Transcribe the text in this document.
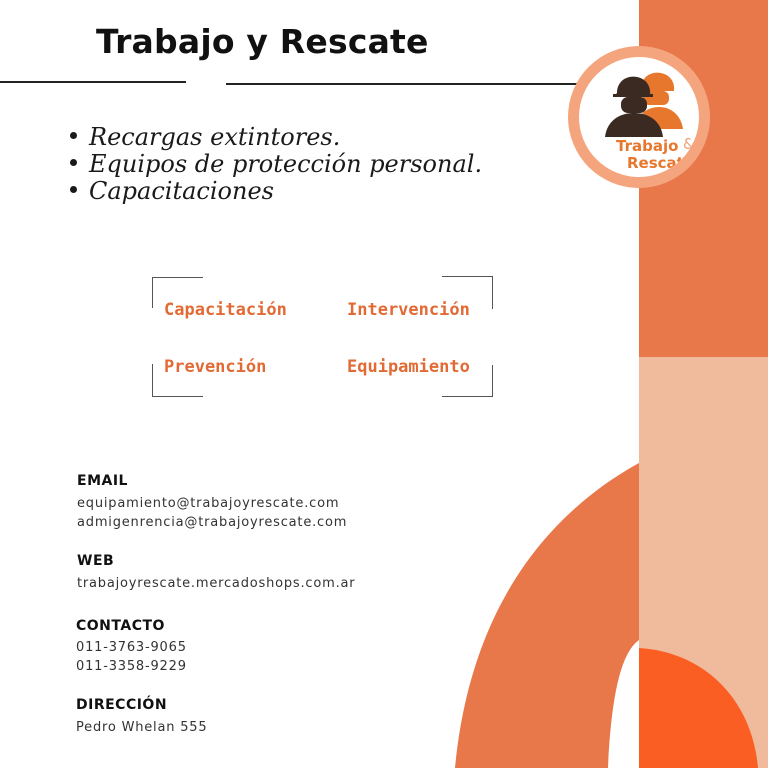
Trabajo y Rescate
Trabajo &
Rescate
Recargas extintores.
Equipos de protección personal.
Capacitaciones
Capacitación	Intervención
Prevención	Equipamiento
EMAIL
equipamiento@trabajoyrescate.com
admigenrencia@trabajoyrescate.com
WEB
trabajoyrescate.mercadoshops.com.ar
CONTACTO
011-3763-9065
011-3358-9229
DIRECCIÓN
Pedro Whelan 555
